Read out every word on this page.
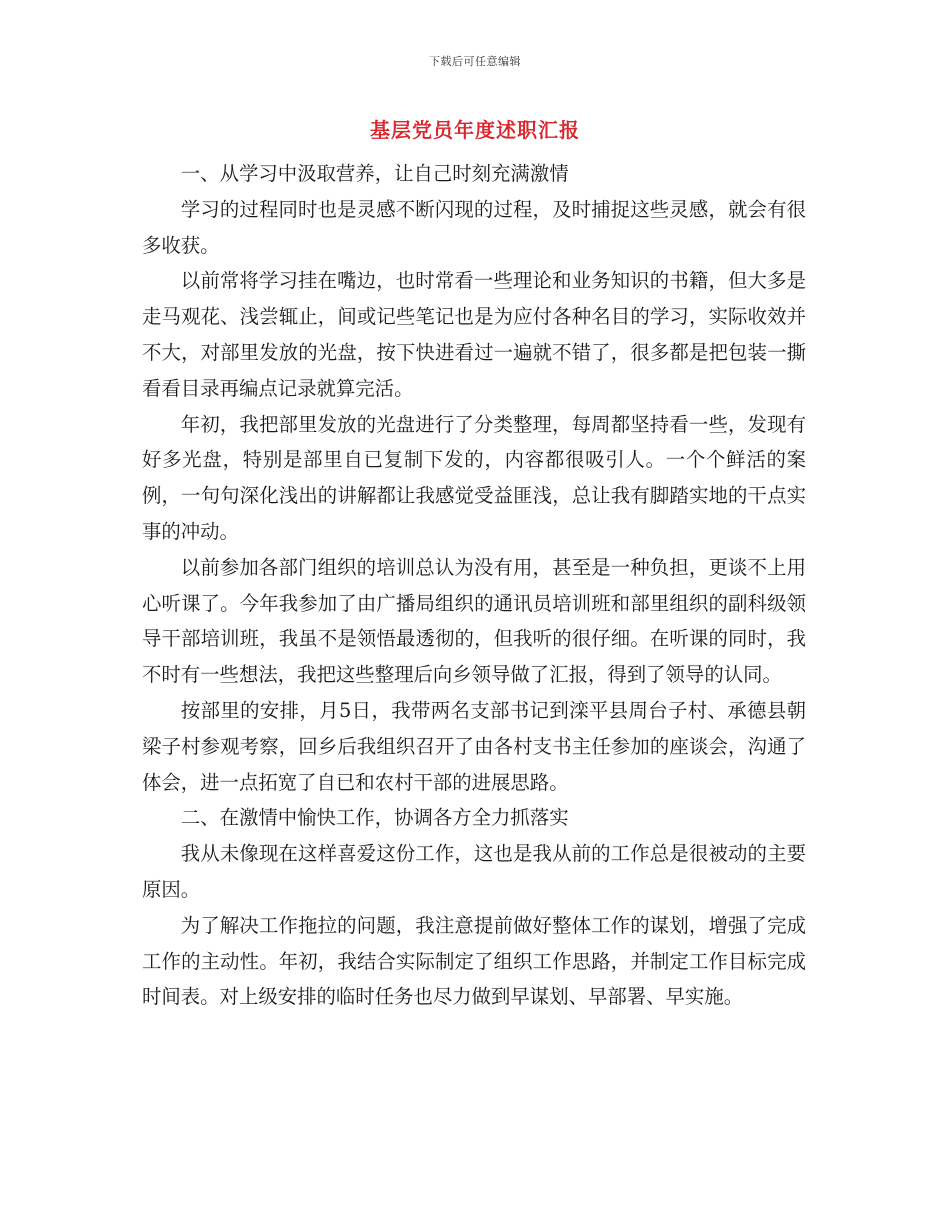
下载后可任意编辑
基层党员年度述职汇报

一、从学习中汲取营养，让自己时刻充满激情

学习的过程同时也是灵感不断闪现的过程，及时捕捉这些灵感，就会有很多收获。

以前常将学习挂在嘴边，也时常看一些理论和业务知识的书籍，但大多是走马观花、浅尝辄止，间或记些笔记也是为应付各种名目的学习，实际收效并不大，对部里发放的光盘，按下快进看过一遍就不错了，很多都是把包装一撕看看目录再编点记录就算完活。

年初，我把部里发放的光盘进行了分类整理，每周都坚持看一些，发现有好多光盘，特别是部里自已复制下发的，内容都很吸引人。一个个鲜活的案例，一句句深化浅出的讲解都让我感觉受益匪浅，总让我有脚踏实地的干点实事的冲动。

以前参加各部门组织的培训总认为没有用，甚至是一种负担，更谈不上用心听课了。今年我参加了由广播局组织的通讯员培训班和部里组织的副科级领导干部培训班，我虽不是领悟最透彻的，但我听的很仔细。在听课的同时，我不时有一些想法，我把这些整理后向乡领导做了汇报，得到了领导的认同。

按部里的安排，月5日，我带两名支部书记到滦平县周台子村、承德县朝梁子村参观考察，回乡后我组织召开了由各村支书主任参加的座谈会，沟通了体会，进一点拓宽了自已和农村干部的进展思路。

二、在激情中愉快工作，协调各方全力抓落实

我从未像现在这样喜爱这份工作，这也是我从前的工作总是很被动的主要原因。

为了解决工作拖拉的问题，我注意提前做好整体工作的谋划，增强了完成工作的主动性。年初，我结合实际制定了组织工作思路，并制定工作目标完成时间表。对上级安排的临时任务也尽力做到早谋划、早部署、早实施。
